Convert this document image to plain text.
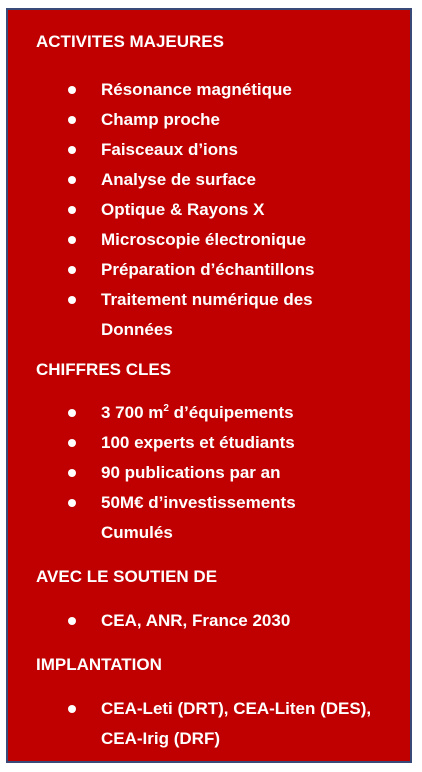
ACTIVITES MAJEURES
Résonance magnétique
Champ proche
Faisceaux d’ions
Analyse de surface
Optique & Rayons X
Microscopie électronique
Préparation d’échantillons
Traitement numérique des
Données
CHIFFRES CLES
3 700 $m^2$ d’équipements
100 experts et étudiants
90 publications par an
50M€ d’investissements
Cumulés
AVEC LE SOUTIEN DE
CEA, ANR, France 2030
IMPLANTATION
CEA-Leti (DRT), CEA-Liten (DES),
CEA-Irig (DRF)
